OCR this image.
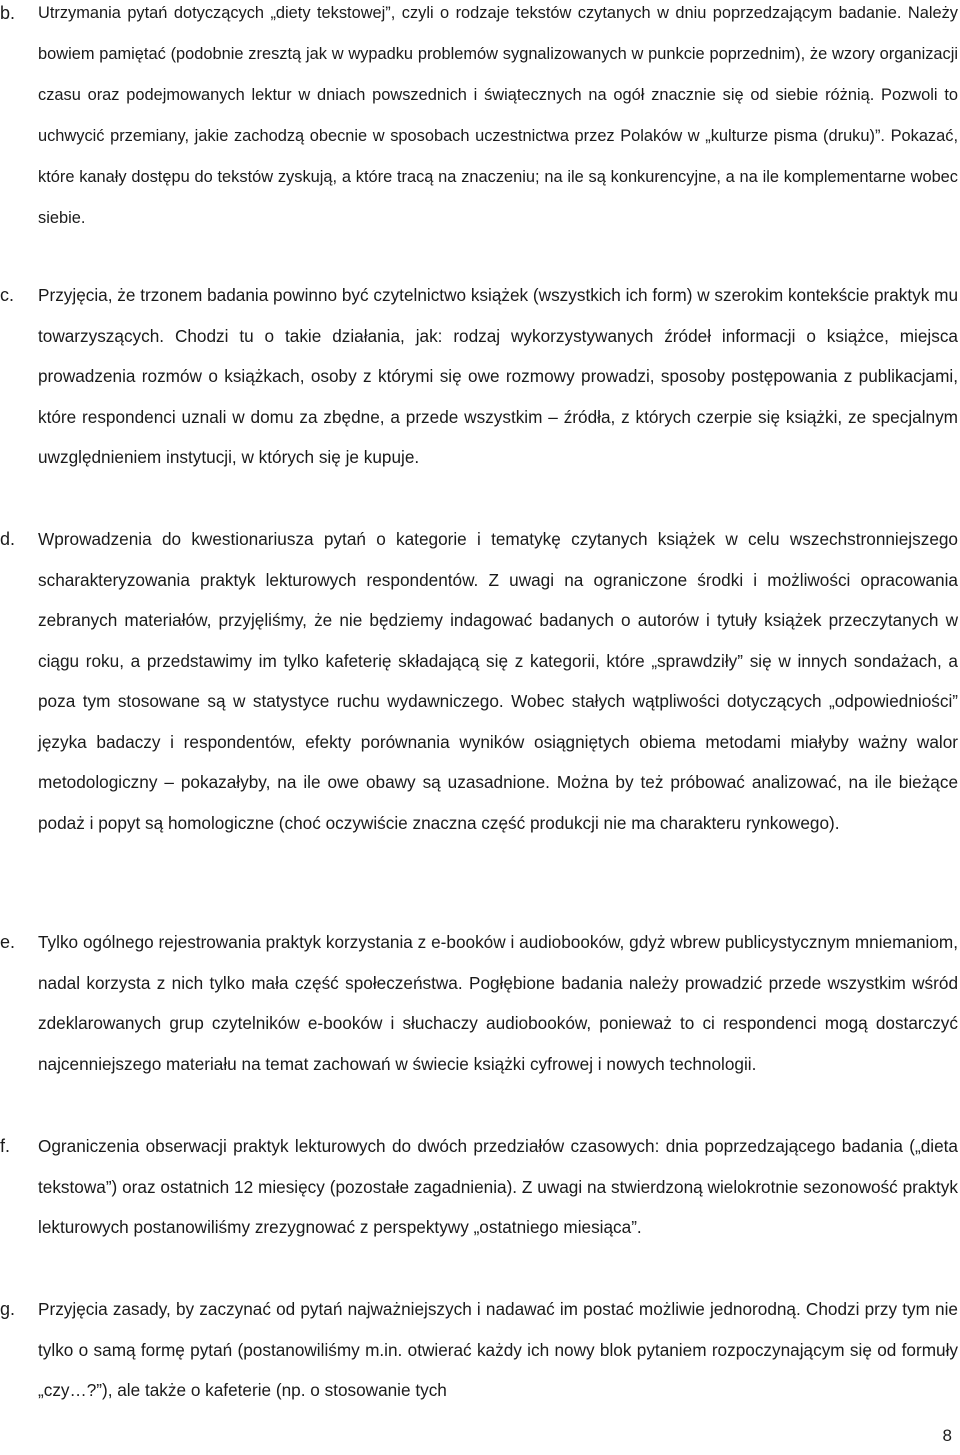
b.	Utrzymania pytań dotyczących „diety tekstowej”, czyli o rodzaje tekstów czytanych w dniu poprzedzającym badanie. Należy bowiem pamiętać (podobnie zresztą jak w wypadku problemów sygnalizowanych w punkcie poprzednim), że wzory organizacji czasu oraz podejmowanych lektur w dniach powszednich i świątecznych na ogół znacznie się od siebie różnią. Pozwoli to uchwycić przemiany, jakie zachodzą obecnie w sposobach uczestnictwa przez Polaków w „kulturze pisma (druku)”. Pokazać, które kanały dostępu do tekstów zyskują, a które tracą na znaczeniu; na ile są konkurencyjne, a na ile komplementarne wobec siebie.

c.	Przyjęcia, że trzonem badania powinno być czytelnictwo książek (wszystkich ich form) w szerokim kontekście praktyk mu towarzyszących. Chodzi tu o takie działania, jak: rodzaj wykorzystywanych źródeł informacji o książce, miejsca prowadzenia rozmów o książkach, osoby z którymi się owe rozmowy prowadzi, sposoby postępowania z publikacjami, które respondenci uznali w domu za zbędne, a przede wszystkim – źródła, z których czerpie się książki, ze specjalnym uwzględnieniem instytucji, w których się je kupuje.

d.	Wprowadzenia do kwestionariusza pytań o kategorie i tematykę czytanych książek w celu wszechstronniejszego scharakteryzowania praktyk lekturowych respondentów. Z uwagi na ograniczone środki i możliwości opracowania zebranych materiałów, przyjęliśmy, że nie będziemy indagować badanych o autorów i tytuły książek przeczytanych w ciągu roku, a przedstawimy im tylko kafeterię składającą się z kategorii, które „sprawdziły” się w innych sondażach, a poza tym stosowane są w statystyce ruchu wydawniczego. Wobec stałych wątpliwości dotyczących „odpowiedniości” języka badaczy i respondentów, efekty porównania wyników osiągniętych obiema metodami miałyby ważny walor metodologiczny – pokazałyby, na ile owe obawy są uzasadnione. Można by też próbować analizować, na ile bieżące podaż i popyt są homologiczne (choć oczywiście znaczna część produkcji nie ma charakteru rynkowego).

e.	Tylko ogólnego rejestrowania praktyk korzystania z e-booków i audiobooków, gdyż wbrew publicystycznym mniemaniom, nadal korzysta z nich tylko mała część społeczeństwa. Pogłębione badania należy prowadzić przede wszystkim wśród zdeklarowanych grup czytelników e-booków i słuchaczy audiobooków, ponieważ to ci respondenci mogą dostarczyć najcenniejszego materiału na temat zachowań w świecie książki cyfrowej i nowych technologii.

f.	Ograniczenia obserwacji praktyk lekturowych do dwóch przedziałów czasowych: dnia poprzedzającego badania („dieta tekstowa”) oraz ostatnich 12 miesięcy (pozostałe zagadnienia). Z uwagi na stwierdzoną wielokrotnie sezonowość praktyk lekturowych postanowiliśmy zrezygnować z perspektywy „ostatniego miesiąca”.

g.	Przyjęcia zasady, by zaczynać od pytań najważniejszych i nadawać im postać możliwie jednorodną. Chodzi przy tym nie tylko o samą formę pytań (postanowiliśmy m.in. otwierać każdy ich nowy blok pytaniem rozpoczynającym się od formuły „czy…?”), ale także o kafeterie (np. o stosowanie tych

8
